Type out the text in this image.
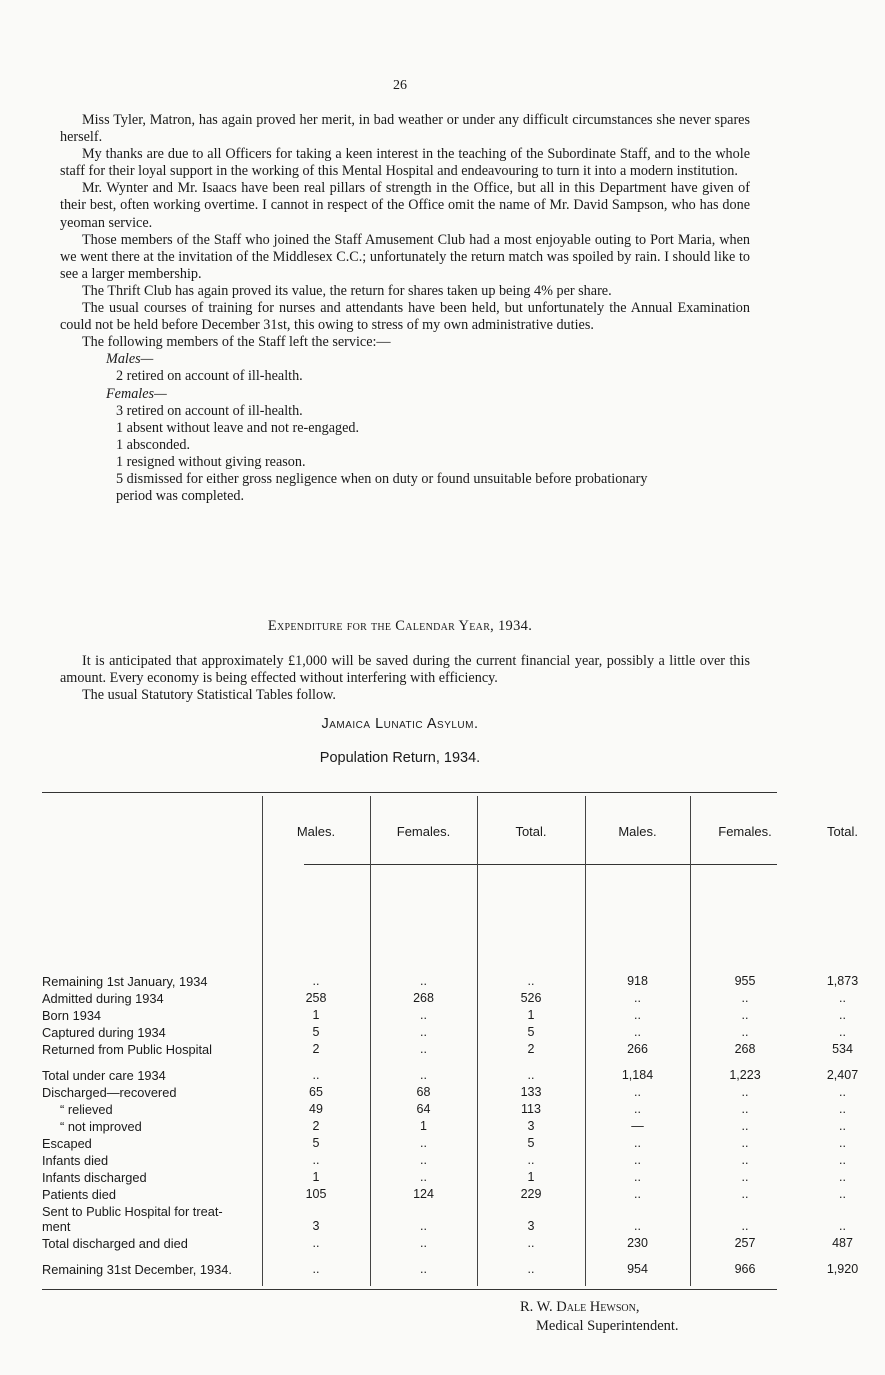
26

Miss Tyler, Matron, has again proved her merit, in bad weather or under any difficult circumstances she never spares herself.

My thanks are due to all Officers for taking a keen interest in the teaching of the Subordinate Staff, and to the whole staff for their loyal support in the working of this Mental Hospital and endeavouring to turn it into a modern institution.

Mr. Wynter and Mr. Isaacs have been real pillars of strength in the Office, but all in this Department have given of their best, often working overtime. I cannot in respect of the Office omit the name of Mr. David Sampson, who has done yeoman service.

Those members of the Staff who joined the Staff Amusement Club had a most enjoyable outing to Port Maria, when we went there at the invitation of the Middlesex C.C.; unfortunately the return match was spoiled by rain. I should like to see a larger membership.

The Thrift Club has again proved its value, the return for shares taken up being 4% per share.

The usual courses of training for nurses and attendants have been held, but unfortunately the Annual Examination could not be held before December 31st, this owing to stress of my own administrative duties.

The following members of the Staff left the service:—

Males—

2 retired on account of ill-health.

Females—

3 retired on account of ill-health.

1 absent without leave and not re-engaged.

1 absconded.

1 resigned without giving reason.

5 dismissed for either gross negligence when on duty or found unsuitable before probationary

period was completed.

Expenditure for the Calendar Year, 1934.

It is anticipated that approximately £1,000 will be saved during the current financial year, possibly a little over this amount. Every economy is being effected without interfering with efficiency.

The usual Statutory Statistical Tables follow.

Jamaica Lunatic Asylum.
Population Return, 1934.
Males.	Females.	Total.	Males.	Females.	Total.
Remaining 1st January, 1934	..	..	..	918	955	1,873
Admitted during 1934	258	268	526	..	..	..
Born 1934	1	..	1	..	..	..
Captured during 1934	5	..	5	..	..	..
Returned from Public Hospital	2	..	2	266	268	534
Total under care 1934	..	..	..	1,184	1,223	2,407
Discharged—recovered	65	68	133	..	..	..
“ relieved	49	64	113	..	..	..
“ not improved	2	1	3	—	..	..
Escaped	5	..	5	..	..	..
Infants died	..	..	..	..	..	..
Infants discharged	1	..	1	..	..	..
Patients died	105	124	229	..	..	..
Sent to Public Hospital for treat-
ment	3	..	3	..	..	..
Total discharged and died	..	..	..	230	257	487
Remaining 31st December, 1934.	..	..	..	954	966	1,920
R. W. Dale Hewson,
Medical Superintendent.
